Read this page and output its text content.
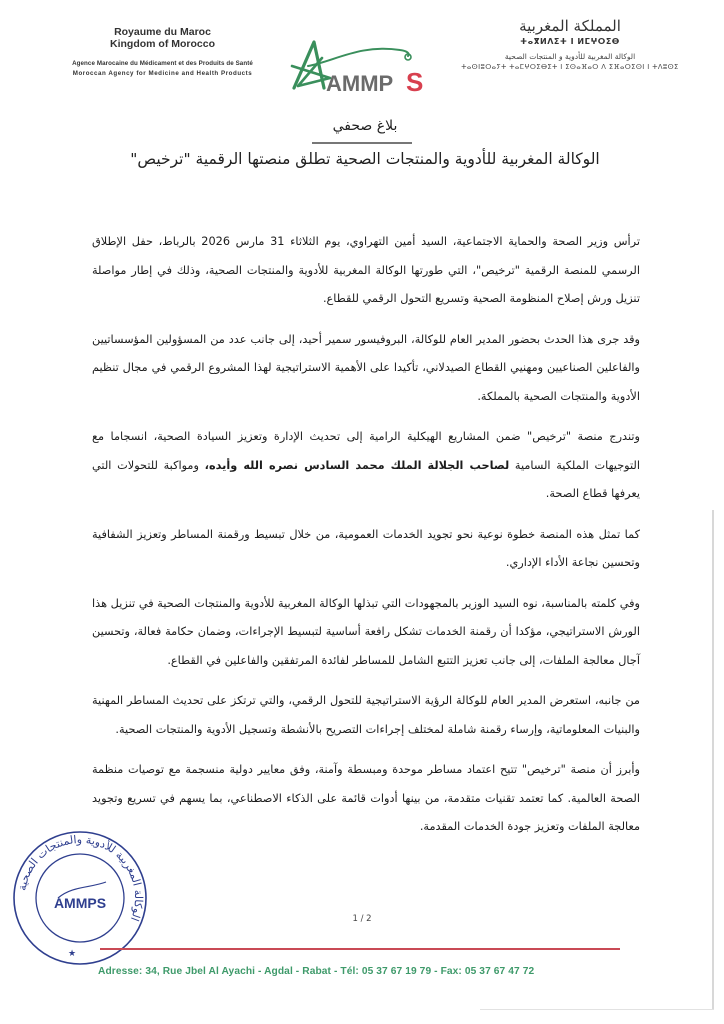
Royaume du Maroc
Kingdom of Morocco
Agence Marocaine du Médicament et des Produits de Santé
Moroccan Agency for Medicine and Health Products	AMMP S
المملكة المغربية
ⵜⴰⴳⵍⴷⵉⵜ ⵏ ⵍⵎⵖⵔⵉⴱ
الوكالة المغربية للأدوية و المنتجات الصحية
ⵜⴰⵙⵏⵓⵔⴰⵢⵜ ⵜⴰⵎⵖⵔⵉⴱⵉⵜ ⵏ ⵉⵙⴰⴼⴰⵔ ⴷ ⵉⴼⴰⵔⵉⵙⵏ ⵏ ⵜⴷⵓⵙⵉ
بلاغ صحفي
الوكالة المغربية للأدوية والمنتجات الصحية تطلق منصتها الرقمية "ترخيص"

ترأس وزير الصحة والحماية الاجتماعية، السيد أمين التهراوي، يوم الثلاثاء 31 مارس 2026 بالرباط، حفل الإطلاق الرسمي للمنصة الرقمية "ترخيص"، التي طورتها الوكالة المغربية للأدوية والمنتجات الصحية، وذلك في إطار مواصلة تنزيل ورش إصلاح المنظومة الصحية وتسريع التحول الرقمي للقطاع.

وقد جرى هذا الحدث بحضور المدير العام للوكالة، البروفيسور سمير أحيد، إلى جانب عدد من المسؤولين المؤسساتيين والفاعلين الصناعيين ومهنيي القطاع الصيدلاني، تأكيدا على الأهمية الاستراتيجية لهذا المشروع الرقمي في مجال تنظيم الأدوية والمنتجات الصحية بالمملكة.

وتندرج منصة "ترخيص" ضمن المشاريع الهيكلية الرامية إلى تحديث الإدارة وتعزيز السيادة الصحية، انسجاما مع التوجيهات الملكية السامية لصاحب الجلالة الملك محمد السادس نصره الله وأيده، ومواكبة للتحولات التي يعرفها قطاع الصحة.

كما تمثل هذه المنصة خطوة نوعية نحو تجويد الخدمات العمومية، من خلال تبسيط ورقمنة المساطر وتعزيز الشفافية وتحسين نجاعة الأداء الإداري.

وفي كلمته بالمناسبة، نوه السيد الوزير بالمجهودات التي تبذلها الوكالة المغربية للأدوية والمنتجات الصحية في تنزيل هذا الورش الاستراتيجي، مؤكدا أن رقمنة الخدمات تشكل رافعة أساسية لتبسيط الإجراءات، وضمان حكامة فعالة، وتحسين آجال معالجة الملفات، إلى جانب تعزيز التتبع الشامل للمساطر لفائدة المرتفقين والفاعلين في القطاع.

من جانبه، استعرض المدير العام للوكالة الرؤية الاستراتيجية للتحول الرقمي، والتي ترتكز على تحديث المساطر المهنية والبنيات المعلوماتية، وإرساء رقمنة شاملة لمختلف إجراءات التصريح بالأنشطة وتسجيل الأدوية والمنتجات الصحية.

وأبرز أن منصة "ترخيص" تتيح اعتماد مساطر موحدة ومبسطة وآمنة، وفق معايير دولية منسجمة مع توصيات منظمة الصحة العالمية. كما تعتمد تقنيات متقدمة، من بينها أدوات قائمة على الذكاء الاصطناعي، بما يسهم في تسريع وتجويد معالجة الملفات وتعزيز جودة الخدمات المقدمة.

الوكالة المغربية للأدوية والمنتجات الصحية
AMMPS
★
1 / 2
Adresse: 34, Rue Jbel Al Ayachi - Agdal - Rabat - Tél: 05 37 67 19 79 - Fax: 05 37 67 47 72
